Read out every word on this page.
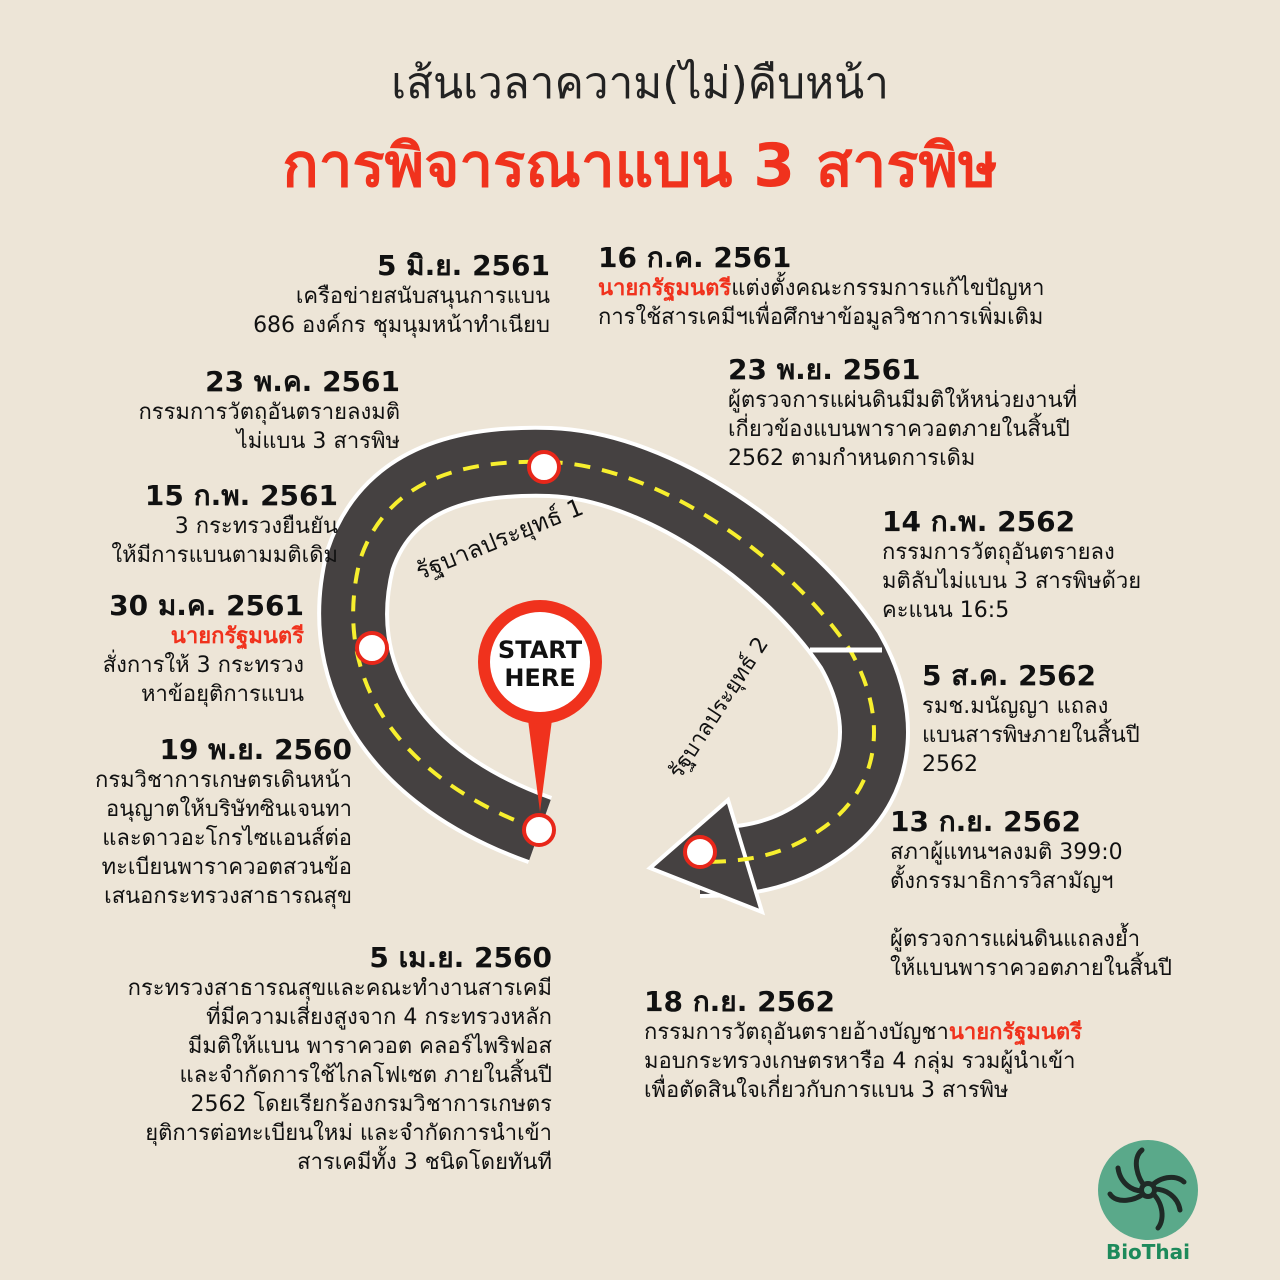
เส้นเวลาความ(ไม่)คืบหน้า
การพิจารณาแบน 3 สารพิษ
START
HERE
รัฐบาลประยุทธ์ 1
รัฐบาลประยุทธ์ 2
5 มิ.ย. 2561
เครือข่ายสนับสนุนการแบน
686 องค์กร ชุมนุมหน้าทำเนียบ
23 พ.ค. 2561
กรรมการวัตถุอันตรายลงมติ
ไม่แบน 3 สารพิษ
15 ก.พ. 2561
3 กระทรวงยืนยัน
ให้มีการแบนตามมติเดิม
30 ม.ค. 2561
นายกรัฐมนตรี
สั่งการให้ 3 กระทรวง
หาข้อยุติการแบน
19 พ.ย. 2560
กรมวิชาการเกษตรเดินหน้า
อนุญาตให้บริษัทซินเจนทา
และดาวอะโกรไซแอนส์ต่อ
ทะเบียนพาราควอตสวนข้อ
เสนอกระทรวงสาธารณสุข
5 เม.ย. 2560
กระทรวงสาธารณสุขและคณะทำงานสารเคมี
ที่มีความเสี่ยงสูงจาก 4 กระทรวงหลัก
มีมติให้แบน พาราควอต คลอร์ไพริฟอส
และจำกัดการใช้ไกลโฟเซต ภายในสิ้นปี
2562 โดยเรียกร้องกรมวิชาการเกษตร
ยุติการต่อทะเบียนใหม่ และจำกัดการนำเข้า
สารเคมีทั้ง 3 ชนิดโดยทันที
16 ก.ค. 2561
นายกรัฐมนตรีแต่งตั้งคณะกรรมการแก้ไขปัญหา
การใช้สารเคมีฯเพื่อศึกษาข้อมูลวิชาการเพิ่มเติม
23 พ.ย. 2561
ผู้ตรวจการแผ่นดินมีมติให้หน่วยงานที่
เกี่ยวข้องแบนพาราควอตภายในสิ้นปี
2562 ตามกำหนดการเดิม
14 ก.พ. 2562
กรรมการวัตถุอันตรายลง
มติลับไม่แบน 3 สารพิษด้วย
คะแนน 16:5
5 ส.ค. 2562
รมช.มนัญญา แถลง
แบนสารพิษภายในสิ้นปี
2562
13 ก.ย. 2562
สภาผู้แทนฯลงมติ 399:0
ตั้งกรรมาธิการวิสามัญฯ
ผู้ตรวจการแผ่นดินแถลงย้ำ
ให้แบนพาราควอตภายในสิ้นปี
18 ก.ย. 2562
กรรมการวัตถุอันตรายอ้างบัญชานายกรัฐมนตรี
มอบกระทรวงเกษตรหารือ 4 กลุ่ม รวมผู้นำเข้า
เพื่อตัดสินใจเกี่ยวกับการแบน 3 สารพิษ
BioThai
